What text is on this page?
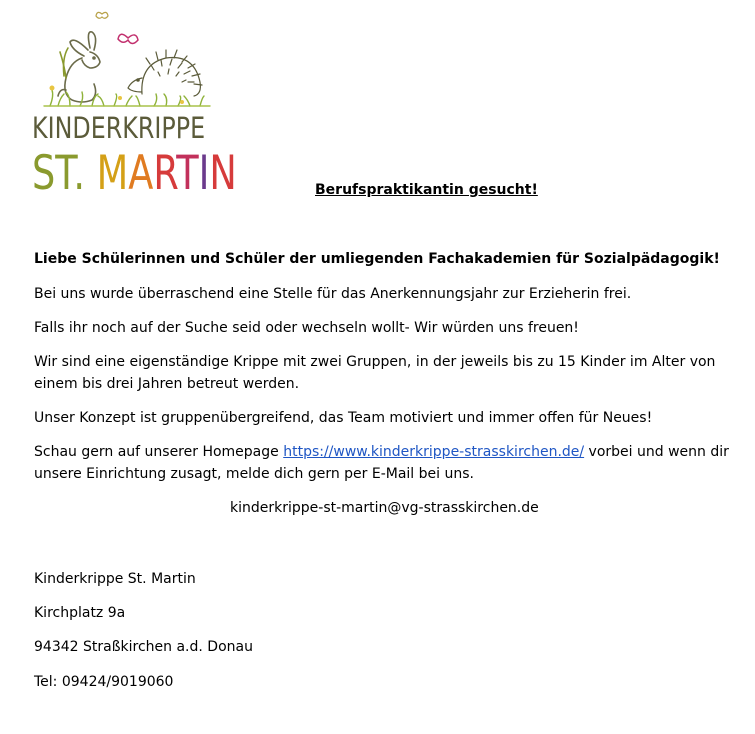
KINDERKRIPPE
ST. MARTIN	Berufspraktikantin gesucht!
Liebe Schülerinnen und Schüler der umliegenden Fachakademien für Sozialpädagogik!
Bei uns wurde überraschend eine Stelle für das Anerkennungsjahr zur Erzieherin frei.
Falls ihr noch auf der Suche seid oder wechseln wollt- Wir würden uns freuen!
Wir sind eine eigenständige Krippe mit zwei Gruppen, in der jeweils bis zu 15 Kinder im Alter von
einem bis drei Jahren betreut werden.
Unser Konzept ist gruppenübergreifend, das Team motiviert und immer offen für Neues!
Schau gern auf unserer Homepage https://www.kinderkrippe-strasskirchen.de/ vorbei und wenn dir
unsere Einrichtung zusagt, melde dich gern per E-Mail bei uns.
kinderkrippe-st-martin@vg-strasskirchen.de
Kinderkrippe St. Martin
Kirchplatz 9a
94342 Straßkirchen a.d. Donau
Tel: 09424/9019060
